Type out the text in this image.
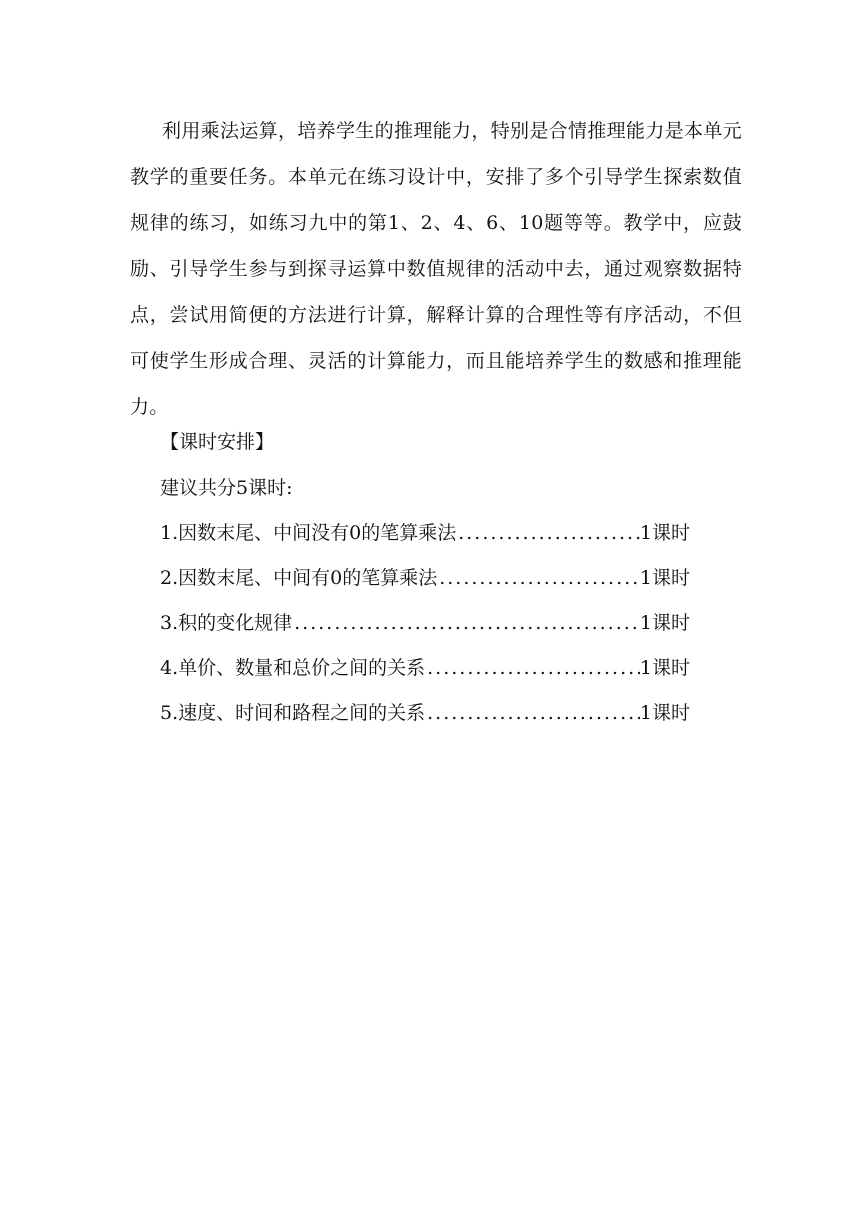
利用乘法运算，培养学生的推理能力，特别是合情推理能力是本单元教学的重要任务。本单元在练习设计中，安排了多个引导学生探索数值规律的练习，如练习九中的第1、2、4、6、10题等等。教学中，应鼓励、引导学生参与到探寻运算中数值规律的活动中去，通过观察数据特点，尝试用简便的方法进行计算，解释计算的合理性等有序活动，不但可使学生形成合理、灵活的计算能力，而且能培养学生的数感和推理能力。

【课时安排】

建议共分5课时:

1.因数末尾、中间没有0的笔算乘法 .....	1课时
2.因数末尾、中间有0的笔算乘法 .....	1课时
3.积的变化规律 .....	1课时
4.单价、数量和总价之间的关系 .....	1课时
5.速度、时间和路程之间的关系 .....	1课时
